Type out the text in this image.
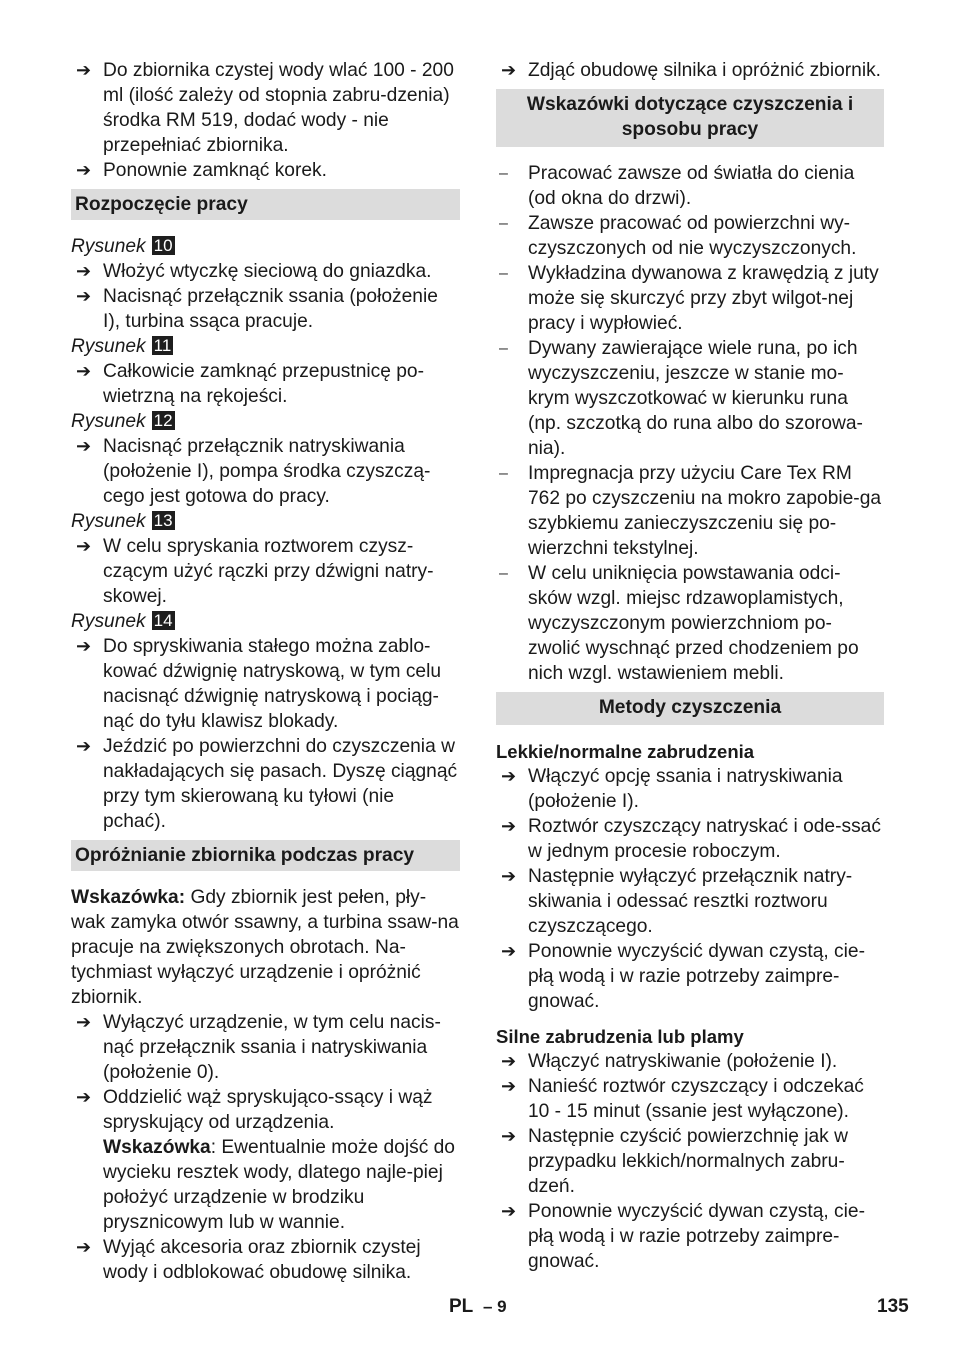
➔ Do zbiornika czystej wody wlać 100 - 200 ml (ilość zależy od stopnia zabru-dzenia) środka RM 519, dodać wody - nie przepełniać zbiornika.
➔ Ponownie zamknąć korek.
Rozpoczęcie pracy
Rysunek 10
➔ Włożyć wtyczkę sieciową do gniazdka.
➔ Nacisnąć przełącznik ssania (położenie I), turbina ssąca pracuje.
Rysunek 11
➔ Całkowicie zamknąć przepustnicę po-wietrzną na rękojeści.
Rysunek 12
➔ Nacisnąć przełącznik natryskiwania (położenie I), pompa środka czyszczą-cego jest gotowa do pracy.
Rysunek 13
➔ W celu spryskania roztworem czysz-czącym użyć rączki przy dźwigni natry-skowej.
Rysunek 14
➔ Do spryskiwania stałego można zablo-kować dźwignię natryskową, w tym celu nacisnąć dźwignię natryskową i pociąg-nąć do tyłu klawisz blokady.
➔ Jeździć po powierzchni do czyszczenia w nakładających się pasach. Dyszę ciągnąć przy tym skierowaną ku tyłowi (nie pchać).
Opróżnianie zbiornika podczas pracy
Wskazówka: Gdy zbiornik jest pełen, pły-wak zamyka otwór ssawny, a turbina ssaw-na pracuje na zwiększonych obrotach. Na-tychmiast wyłączyć urządzenie i opróżnić zbiornik.
➔ Wyłączyć urządzenie, w tym celu nacis-nąć przełącznik ssania i natryskiwania (położenie 0).
➔ Oddzielić wąż spryskująco-ssący i wąż spryskujący od urządzenia.
Wskazówka: Ewentualnie może dojść do wycieku resztek wody, dlatego najle-piej położyć urządzenie w brodziku prysznicowym lub w wannie.
➔ Wyjąć akcesoria oraz zbiornik czystej wody i odblokować obudowę silnika.
➔ Zdjąć obudowę silnika i opróżnić zbiornik.
Wskazówki dotyczące czyszczenia i sposobu pracy
– Pracować zawsze od światła do cienia (od okna do drzwi).
– Zawsze pracować od powierzchni wy-czyszczonych od nie wyczyszczonych.
– Wykładzina dywanowa z krawędzią z juty może się skurczyć przy zbyt wilgot-nej pracy i wypłowieć.
– Dywany zawierające wiele runa, po ich wyczyszczeniu, jeszcze w stanie mo-krym wyszczotkować w kierunku runa (np. szczotką do runa albo do szorowa-nia).
– Impregnacja przy użyciu Care Tex RM 762 po czyszczeniu na mokro zapobie-ga szybkiemu zanieczyszczeniu się po-wierzchni tekstylnej.
– W celu uniknięcia powstawania odci-sków wzgl. miejsc rdzawoplamistych, wyczyszczonym powierzchniom po-zwolić wyschnąć przed chodzeniem po nich wzgl. wstawieniem mebli.
Metody czyszczenia
Lekkie/normalne zabrudzenia
➔ Włączyć opcję ssania i natryskiwania (położenie I).
➔ Roztwór czyszczący natryskać i ode-ssać w jednym procesie roboczym.
➔ Następnie wyłączyć przełącznik natry-skiwania i odessać resztki roztworu czyszczącego.
➔ Ponownie wyczyścić dywan czystą, cie-płą wodą i w razie potrzeby zaimpre-gnować.
Silne zabrudzenia lub plamy
➔ Włączyć natryskiwanie (położenie I).
➔ Nanieść roztwór czyszczący i odczekać 10 - 15 minut (ssanie jest wyłączone).
➔ Następnie czyścić powierzchnię jak w przypadku lekkich/normalnych zabru-dzeń.
➔ Ponownie wyczyścić dywan czystą, cie-płą wodą i w razie potrzeby zaimpre-gnować.
PL – 9	135
